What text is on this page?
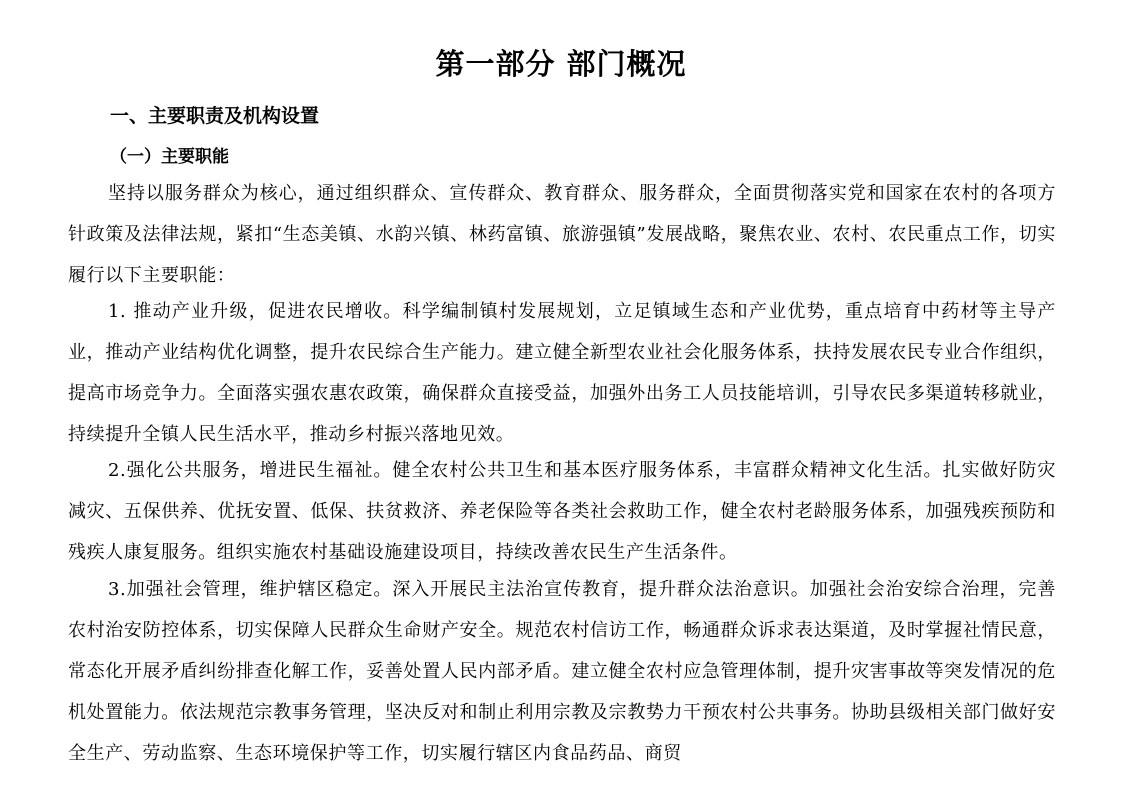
第一部分 部门概况
一、主要职责及机构设置
（一）主要职能

坚持以服务群众为核心，通过组织群众、宣传群众、教育群众、服务群众，全面贯彻落实党和国家在农村的各项方针政策及法律法规，紧扣“生态美镇、水韵兴镇、林药富镇、旅游强镇”发展战略，聚焦农业、农村、农民重点工作，切实履行以下主要职能：

1. 推动产业升级，促进农民增收。科学编制镇村发展规划，立足镇域生态和产业优势，重点培育中药材等主导产业，推动产业结构优化调整，提升农民综合生产能力。建立健全新型农业社会化服务体系，扶持发展农民专业合作组织，提高市场竞争力。全面落实强农惠农政策，确保群众直接受益，加强外出务工人员技能培训，引导农民多渠道转移就业，持续提升全镇人民生活水平，推动乡村振兴落地见效。

2.强化公共服务，增进民生福祉。健全农村公共卫生和基本医疗服务体系，丰富群众精神文化生活。扎实做好防灾减灾、五保供养、优抚安置、低保、扶贫救济、养老保险等各类社会救助工作，健全农村老龄服务体系，加强残疾预防和残疾人康复服务。组织实施农村基础设施建设项目，持续改善农民生产生活条件。

3.加强社会管理，维护辖区稳定。深入开展民主法治宣传教育，提升群众法治意识。加强社会治安综合治理，完善农村治安防控体系，切实保障人民群众生命财产安全。规范农村信访工作，畅通群众诉求表达渠道，及时掌握社情民意，常态化开展矛盾纠纷排查化解工作，妥善处置人民内部矛盾。建立健全农村应急管理体制，提升灾害事故等突发情况的危机处置能力。依法规范宗教事务管理，坚决反对和制止利用宗教及宗教势力干预农村公共事务。协助县级相关部门做好安全生产、劳动监察、生态环境保护等工作，切实履行辖区内食品药品、商贸
